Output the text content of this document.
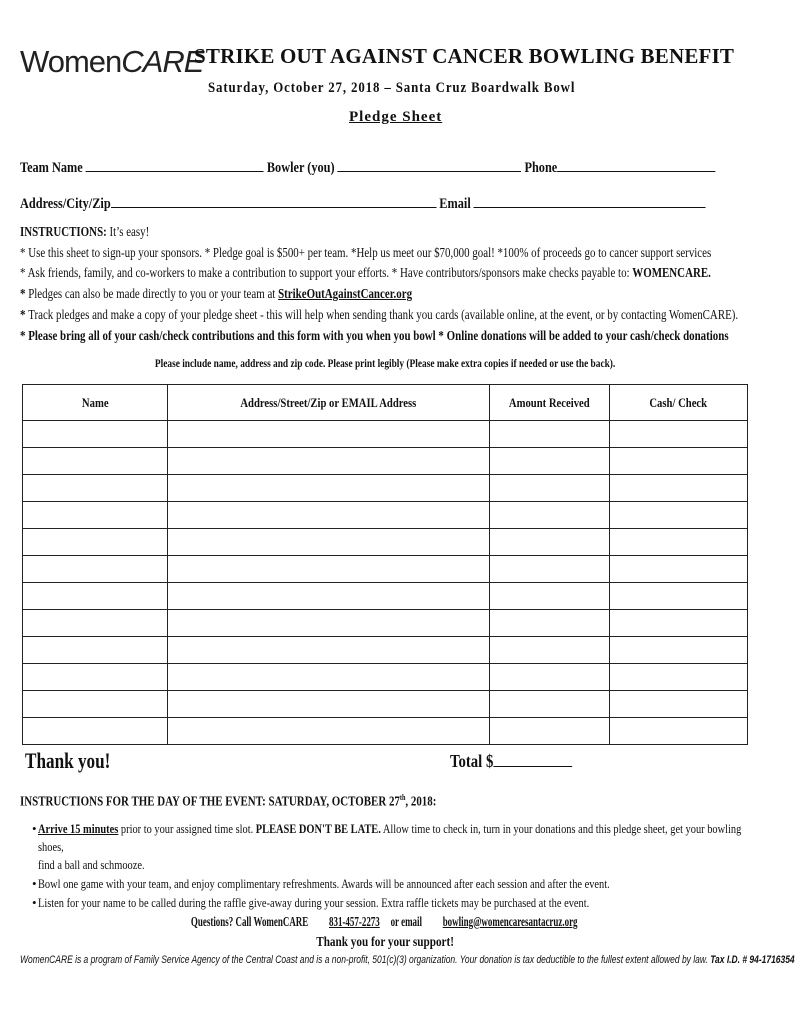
WomenCARE
STRIKE OUT AGAINST CANCER BOWLING BENEFIT
Saturday, October 27, 2018 – Santa Cruz Boardwalk Bowl
Pledge Sheet
Team Name	Bowler (you)	Phone
Address/City/Zip	Email
INSTRUCTIONS: It’s easy!
* Use this sheet to sign-up your sponsors. * Pledge goal is $500+ per team. *Help us meet our $70,000 goal! *100% of proceeds go to cancer support services
* Ask friends, family, and co-workers to make a contribution to support your efforts. * Have contributors/sponsors make checks payable to: WOMENCARE.
* Pledges can also be made directly to you or your team at StrikeOutAgainstCancer.org
* Track pledges and make a copy of your pledge sheet - this will help when sending thank you cards (available online, at the event, or by contacting WomenCARE).
* Please bring all of your cash/check contributions and this form with you when you bowl * Online donations will be added to your cash/check donations
Please include name, address and zip code. Please print legibly (Please make extra copies if needed or use the back).
Name	Address/Street/Zip or EMAIL Address	Amount Received	Cash/ Check

Thank you!	Total $
INSTRUCTIONS FOR THE DAY OF THE EVENT: SATURDAY, OCTOBER 27th, 2018:
• Arrive 15 minutes prior to your assigned time slot. PLEASE DON'T BE LATE. Allow time to check in, turn in your donations and this pledge sheet, get your bowling shoes,
find a ball and schmooze.
• Bowl one game with your team, and enjoy complimentary refreshments. Awards will be announced after each session and after the event.
• Listen for your name to be called during the raffle give-away during your session. Extra raffle tickets may be purchased at the event.
Questions? Call WomenCARE831-457-2273or emailbowling@womencaresantacruz.org
Thank you for your support!
WomenCARE is a program of Family Service Agency of the Central Coast and is a non-profit, 501(c)(3) organization. Your donation is tax deductible to the fullest extent allowed by law. Tax I.D. # 94-1716354
